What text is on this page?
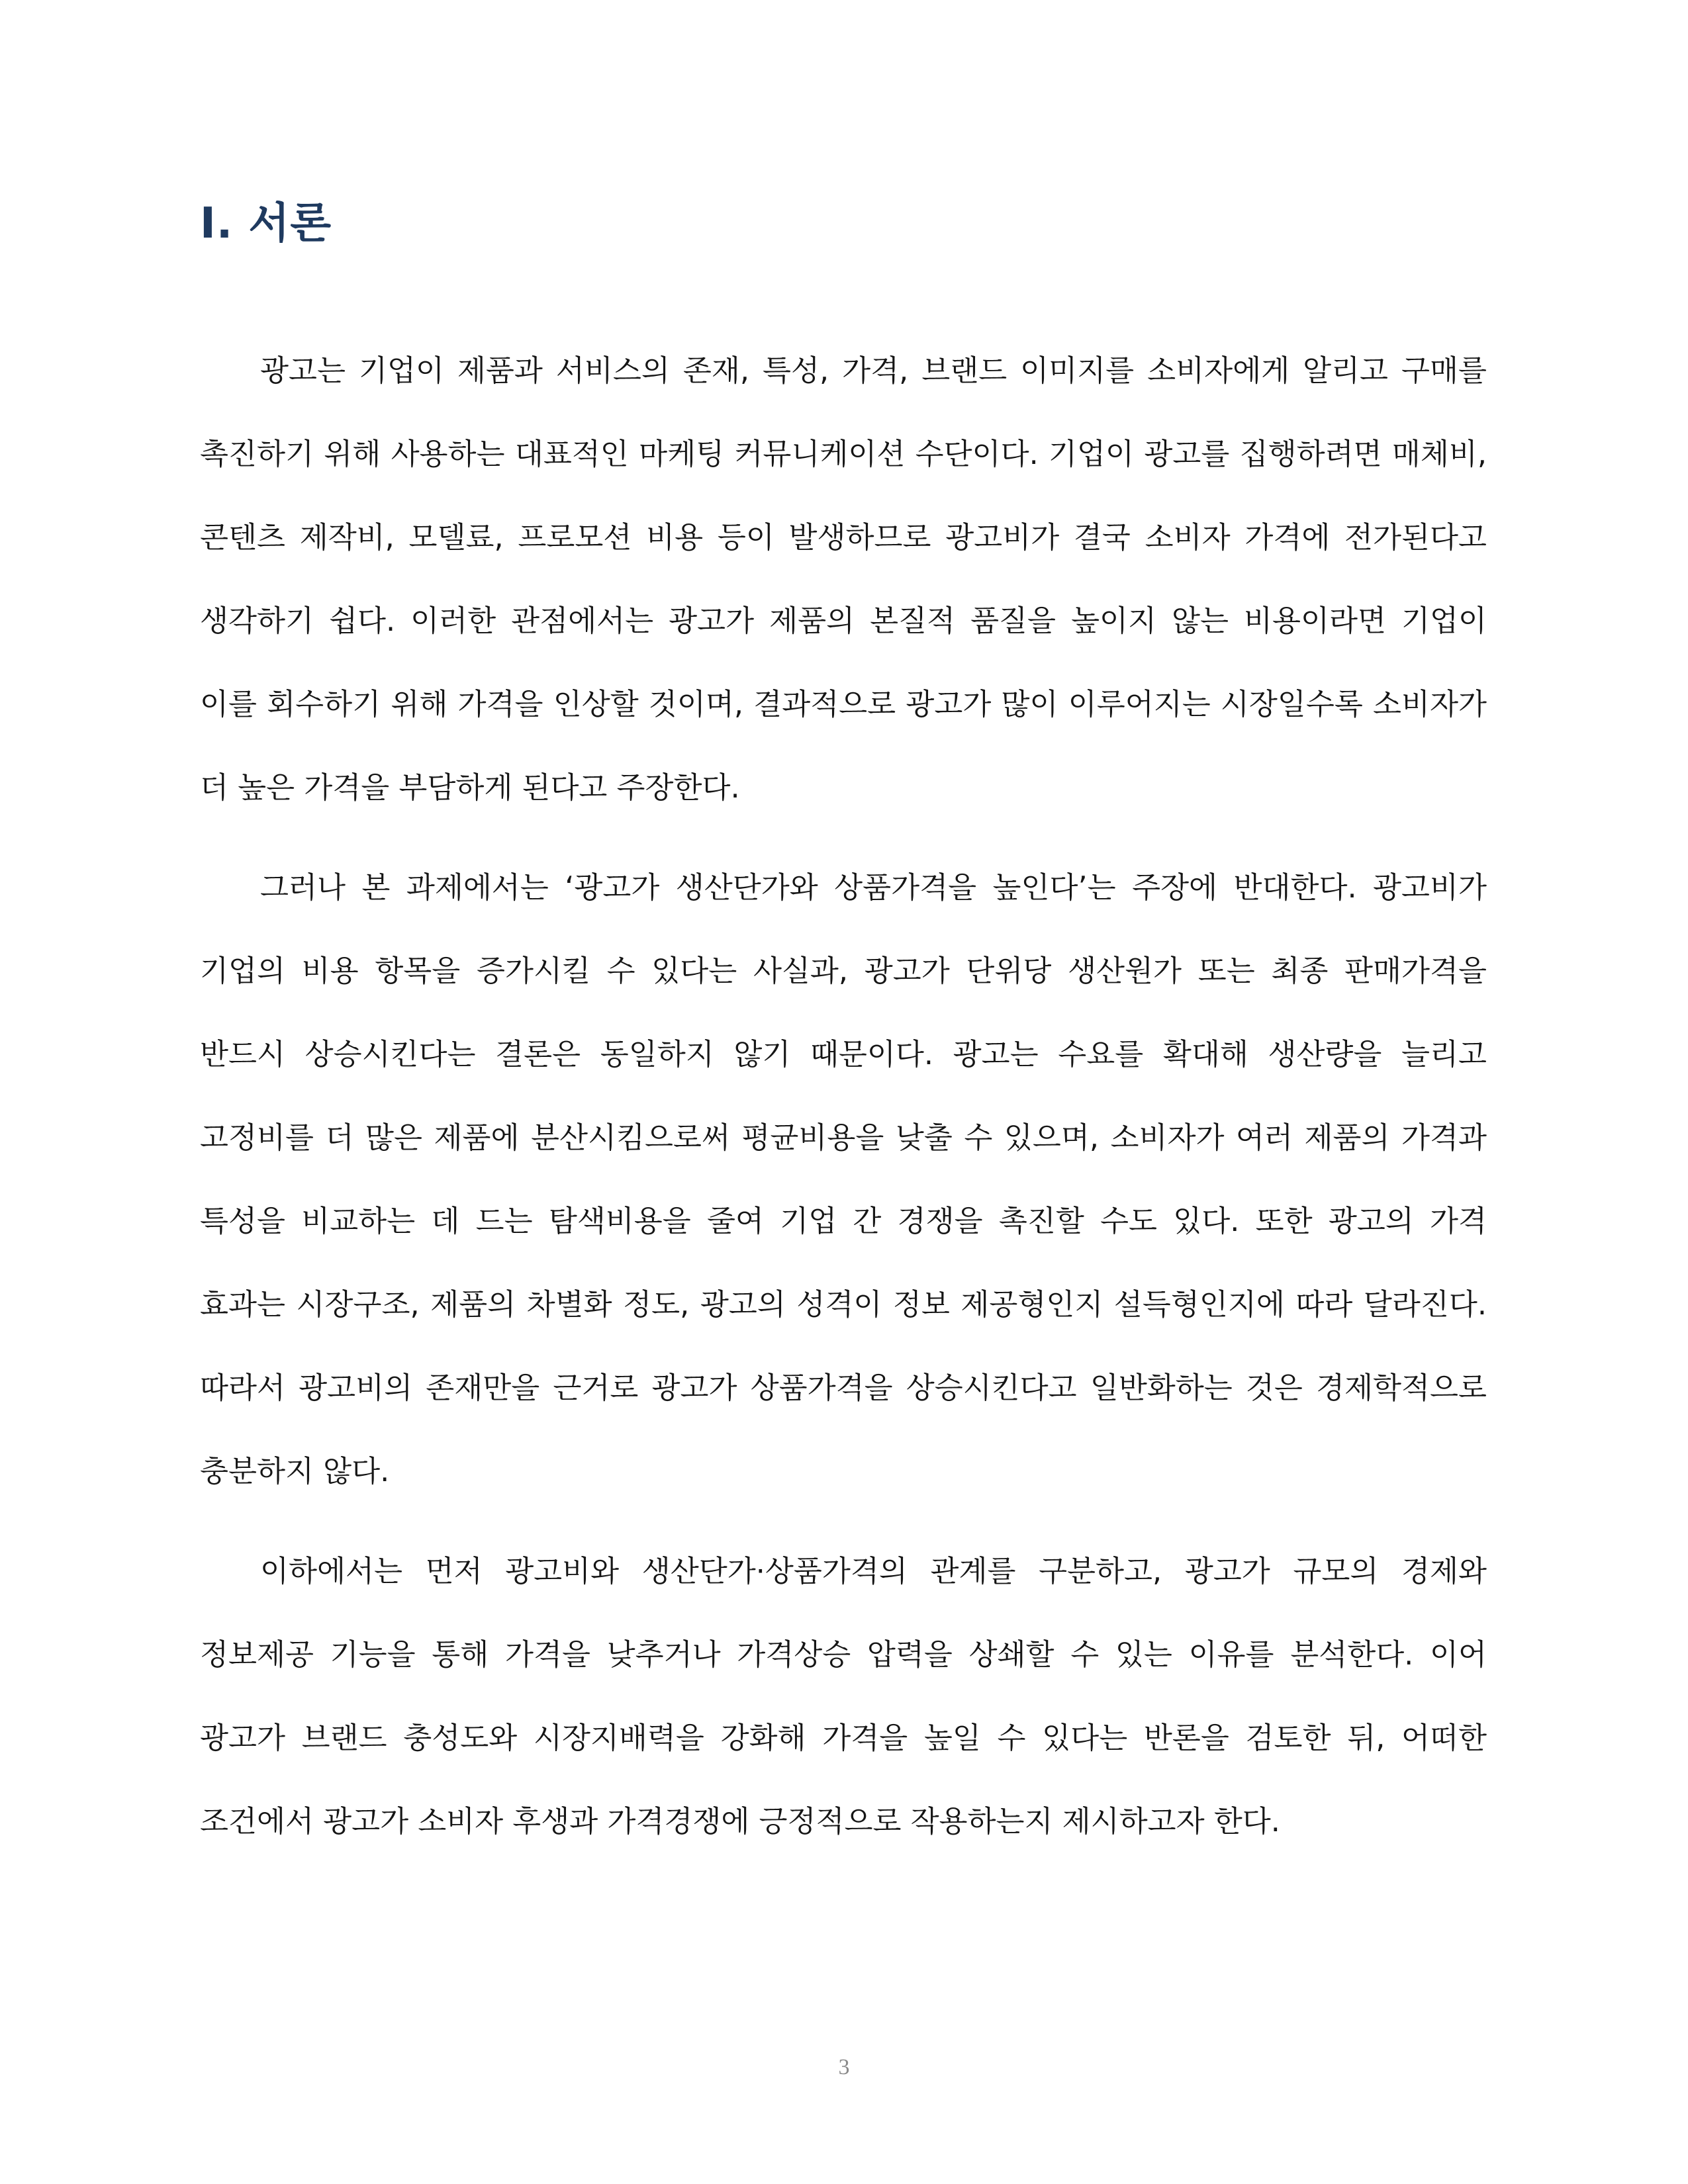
Ⅰ. 서론

광고는 기업이 제품과 서비스의 존재, 특성, 가격, 브랜드 이미지를 소비자에게 알리고 구매를 촉진하기 위해 사용하는 대표적인 마케팅 커뮤니케이션 수단이다. 기업이 광고를 집행하려면 매체비, 콘텐츠 제작비, 모델료, 프로모션 비용 등이 발생하므로 광고비가 결국 소비자 가격에 전가된다고 생각하기 쉽다. 이러한 관점에서는 광고가 제품의 본질적 품질을 높이지 않는 비용이라면 기업이 이를 회수하기 위해 가격을 인상할 것이며, 결과적으로 광고가 많이 이루어지는 시장일수록 소비자가 더 높은 가격을 부담하게 된다고 주장한다.

그러나 본 과제에서는 ‘광고가 생산단가와 상품가격을 높인다’는 주장에 반대한다. 광고비가 기업의 비용 항목을 증가시킬 수 있다는 사실과, 광고가 단위당 생산원가 또는 최종 판매가격을 반드시 상승시킨다는 결론은 동일하지 않기 때문이다. 광고는 수요를 확대해 생산량을 늘리고 고정비를 더 많은 제품에 분산시킴으로써 평균비용을 낮출 수 있으며, 소비자가 여러 제품의 가격과 특성을 비교하는 데 드는 탐색비용을 줄여 기업 간 경쟁을 촉진할 수도 있다. 또한 광고의 가격 효과는 시장구조, 제품의 차별화 정도, 광고의 성격이 정보 제공형인지 설득형인지에 따라 달라진다. 따라서 광고비의 존재만을 근거로 광고가 상품가격을 상승시킨다고 일반화하는 것은 경제학적으로 충분하지 않다.

이하에서는 먼저 광고비와 생산단가·상품가격의 관계를 구분하고, 광고가 규모의 경제와 정보제공 기능을 통해 가격을 낮추거나 가격상승 압력을 상쇄할 수 있는 이유를 분석한다. 이어 광고가 브랜드 충성도와 시장지배력을 강화해 가격을 높일 수 있다는 반론을 검토한 뒤, 어떠한 조건에서 광고가 소비자 후생과 가격경쟁에 긍정적으로 작용하는지 제시하고자 한다.

3
